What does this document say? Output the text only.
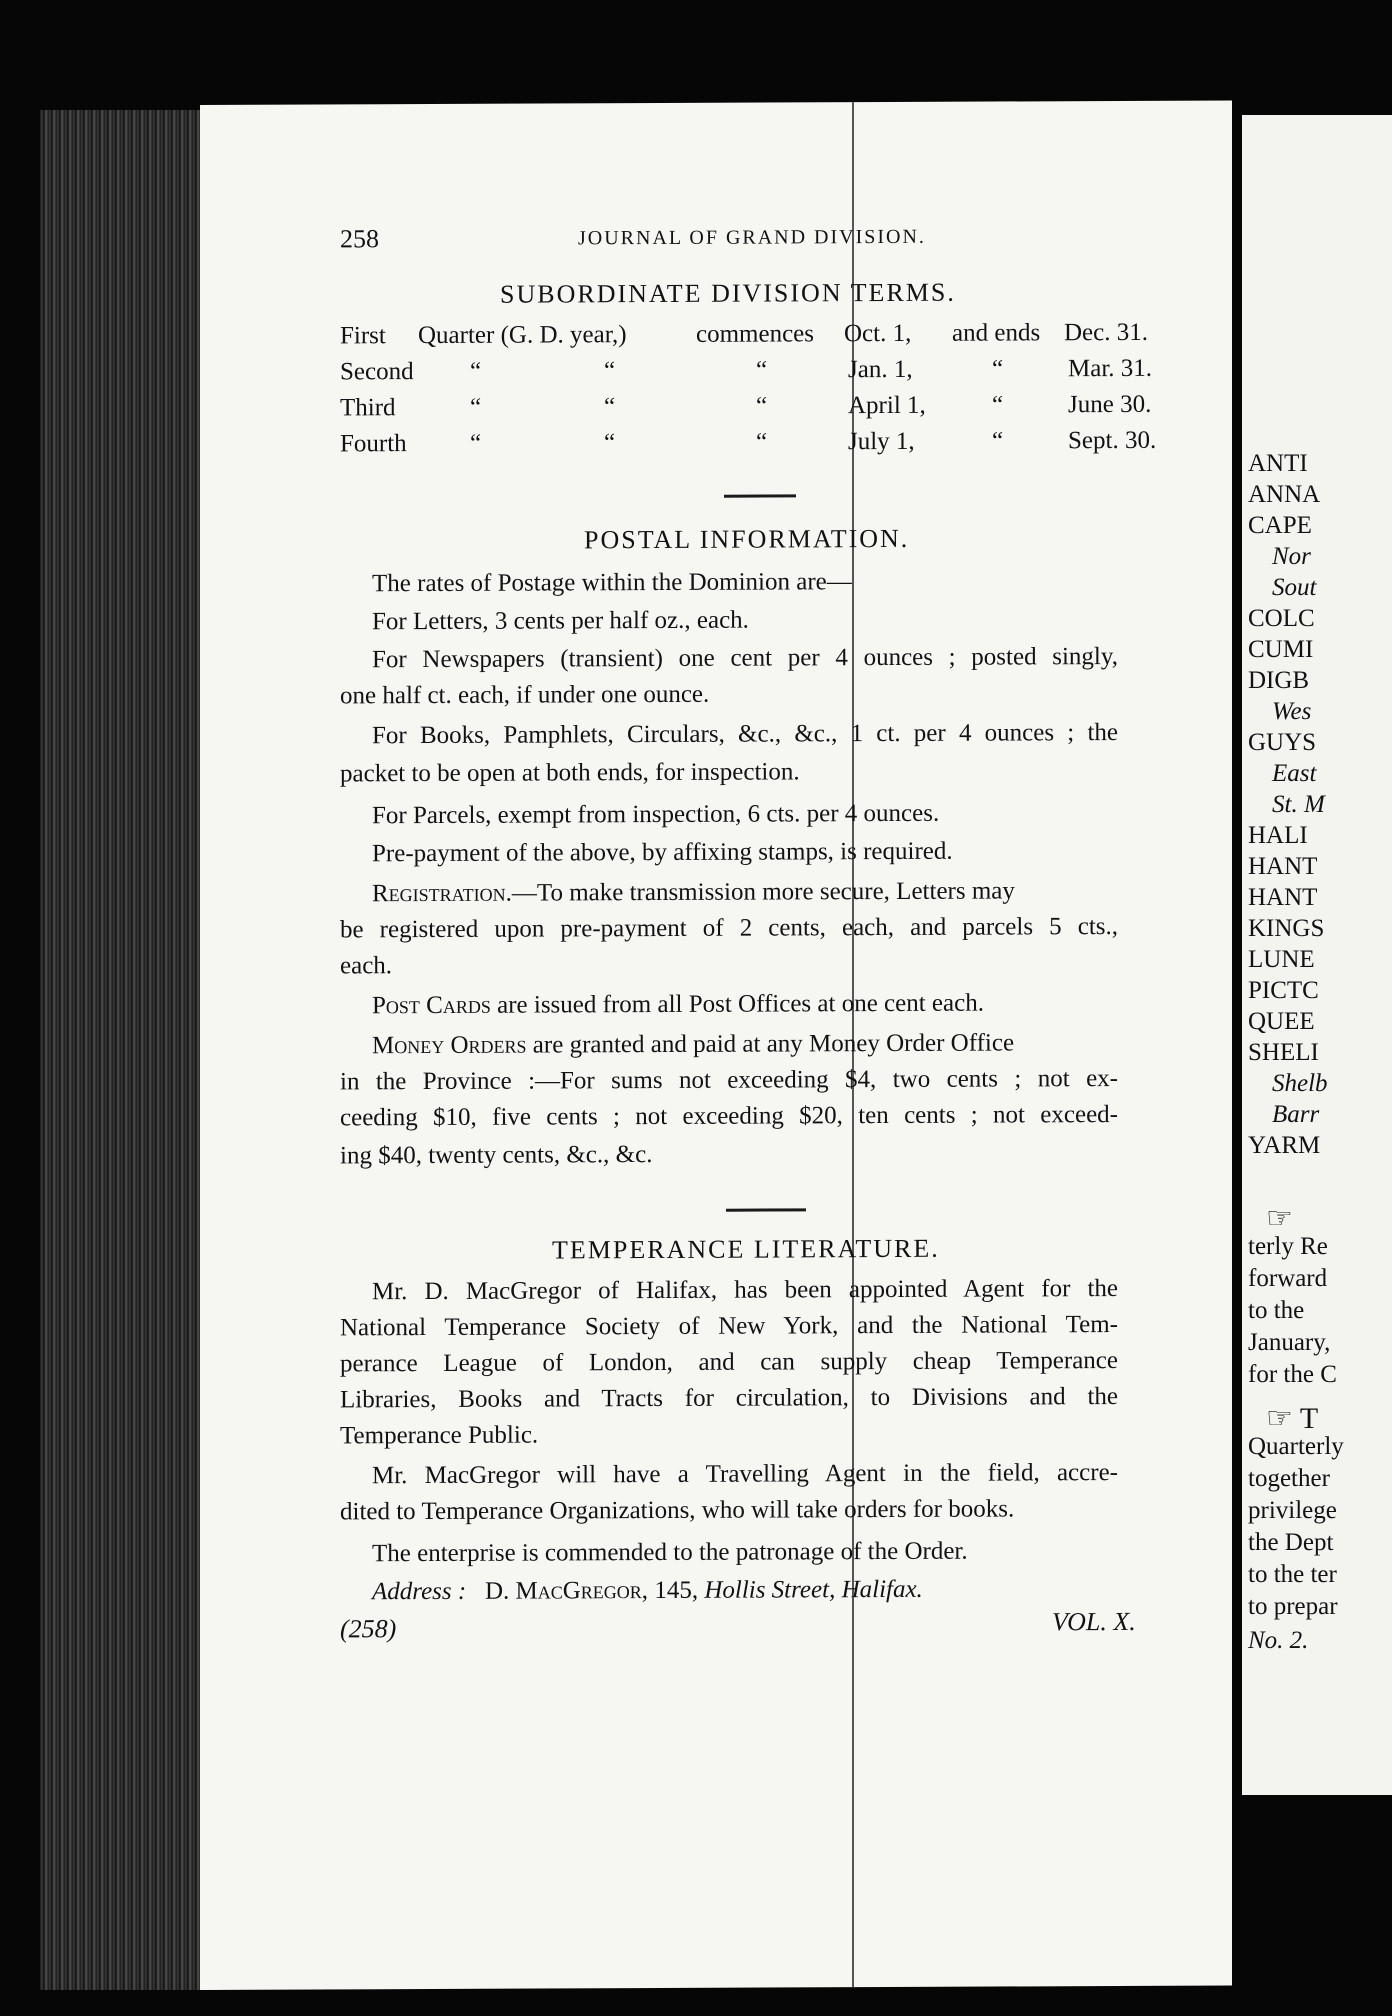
258	JOURNAL OF GRAND DIVISION.
SUBORDINATE DIVISION TERMS.
First Quarter (G. D. year,)	commences Oct. 1, and ends Dec. 31.
Second “	“	“	Jan. 1,	“	Mar. 31.
Third	“	“	“	April 1,	“	June 30.
Fourth	“	“	“	July 1,	“	Sept. 30.
POSTAL INFORMATION.
The rates of Postage within the Dominion are—
For Letters, 3 cents per half oz., each.
For Newspapers (transient) one cent per 4 ounces ; posted singly,
one half ct. each, if under one ounce.
For Books, Pamphlets, Circulars, &c., &c., 1 ct. per 4 ounces ; the
packet to be open at both ends, for inspection.
For Parcels, exempt from inspection, 6 cts. per 4 ounces.
Pre-payment of the above, by affixing stamps, is required.
Registration.—To make transmission more secure, Letters may
be registered upon pre-payment of 2 cents, each, and parcels 5 cts.,
each.
Post Cards are issued from all Post Offices at one cent each.
Money Orders are granted and paid at any Money Order Office
in the Province :—For sums not exceeding $4, two cents ; not ex-
ceeding $10, five cents ; not exceeding $20, ten cents ; not exceed-
ing $40, twenty cents, &c., &c.
TEMPERANCE LITERATURE.
Mr. D. MacGregor of Halifax, has been appointed Agent for the
National Temperance Society of New York, and the National Tem-
perance League of London, and can supply cheap Temperance
Libraries, Books and Tracts for circulation, to Divisions and the
Temperance Public.
Mr. MacGregor will have a Travelling Agent in the field, accre-
dited to Temperance Organizations, who will take orders for books.
The enterprise is commended to the patronage of the Order.
Address : D. MacGregor, 145, Hollis Street, Halifax.
(258)	VOL. X.
ANTI
ANNA
CAPE
Nor
Sout
COLC
CUMI
DIGB
Wes
GUYS
East
St. M
HALI
HANT
HANT
KINGS
LUNE
PICTC
QUEE
SHELI
Shelb
Barr
YARM
☞
terly Re
forward
to the
January,
for the C
☞ T
Quarterly
together
privilege
the Dept
to the ter
to prepar
No. 2.
